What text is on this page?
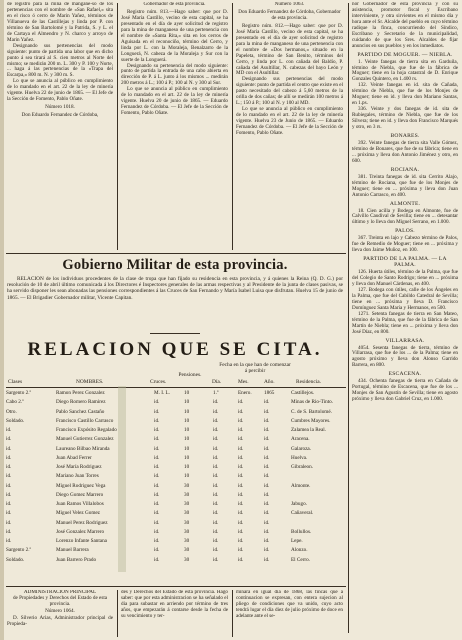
de registro para la mina de mangane-so de los pertenencias con el nombre de «San Rafael,» sita en el risco ó cerro de Marin Yañez, términos de Villanueva de las Castillejas y linda por P. con término de San Bartolomé y la Patrida, S. y L. el de Cartaya el Almendro y N. charco y arroyo de Marin Yañez.

Designando sus pertenencias del modo siguiente: punto de partida una labor que en dicho punto á sea tirará al S. cien metros al Norte del mismo; se medirán 200 m. L. 300 y P. 100 y Norte, ... haga á las pertenencias de la «Trapa del Escarpa,» 800 m. N. y 300 m. S.

Lo que se anuncia al público en cumplimiento de lo mandado en el art. 22 de la ley de minería vigente. Huelva 22 de junio de 1865. — El Jefe de la Sección de Fomento, Pablo Oñate.

Número 1018.
Don Eduardo Fernandez de Córdoba,
Gobernador de esta provincia.

Registro núm. 813.—Hago saber: que por D. José María Castillo, vecino de esta capital, se ha presentado en el día de ayer solicitud de registro para la mina de manganeso de una pertenencia con el nombre de «Santa Rita,» sita en los cerros de Aguisada en el reconociño, término del Cerro, y linda por L. con la Moraleja, Benalzarro de la Longuerá, N. cabeza de la Moraleja y Sur con la suerte de la Longuerá.

Designando su pertenencia del modo siguiente: punto de partida la entrada de una cabo abierta en dirección de P. á L. junto á los mismos ... medirán 200 metros á L.; 100 á P.; 100 al N. y 300 al Sur.

Lo que se anuncia al público en cumplimiento de lo mandado en el art. 22 de la ley de minería vigente. Huelva 20 de junio de 1865. — Eduardo Fernandez de Córdoba. — El Jefe de la Sección de Fomento, Pablo Oñate.

Número 1063.
Don Eduardo Fernandez de Córdoba, Gobernador de esta provincia.

Registro núm. 812.—Hago saber: que por D. José María Castillo, vecino de esta capital, se ha presentado en el día de ayer solicitud de registro para la mina de manganeso de una pertenencia con el nombre de «Dos hermanos,» situado en la Papeleta, término de San Benito, términos del Cerro, y linda por L. con cañada del Baldío, P. cañada del Asultillar, N. cabezas del bayo León y MD con el Asultillar.

Designando sus pertenencias del modo siguiente: punto de partida el centro que existe en el pasto necesitado del cabezo á 5,60 metros de la orilla de dos cañas; de allí se medirán 100 metros á L.; 150 á P.; 100 al N. y 100 al MD.

Lo que se anuncia al público en cumplimiento de lo mandado en el art. 22 de la ley de minería vigente. Huelva 23 de Junio de 1865. — Eduardo Fernandez de Córdoba. — El Jefe de la Sección de Fomento, Pablo Oñate.

ñor Gobernador de esta provincia y con su asistencia, promotor fiscal y Escribano interviniente, y otra sirvientes en el mismo día y hora ante el Sr. Alcalde del pueblo en cuyo término radique la finca, concurriendo del Síndico, Escribano y Secretario de la municipalidad, cuidando de que los Sres. Alcaldes de fijar anuncios en sus pueblos y en los inmediatos.

PARTIDO DE MOGUER. — NIEBLA.

1. Veinte fanegas de tierra sita en Garduila, término de Niebla, que fue de la fábrica de Moguer; tiene en la hoja catastral de D. Enrique Gonzales Quintero, en 1.400 rs.

132. Veinte fanegas en id. sita de Cañada, término de Niebla, que fue de los Monjes de Moguer; tiene en id. y lleva don Mariano Santas, en 1.ps.

336. Veinte y dos fanegas de id. sita de Rubiegales, término de Niebla, que fue de los Sílvera; tiene en id. y lleva don Francisco Marqués y otro, en 3 rs.

BONARES.

392. Veinte fanegas de tierra sita Valle Gómez, término de Bonares, que fue de su fábrica; tiene en ... próxima y lleva don Antonio Jiménez y otro, en 600.

ROCIANA.

381. Treinta fanegas de id. sita Cerrito Alajo, término de Rociana, que fue de los Monjes de Moguer; tiene en ... próxima y lleva don Juan Antonio Carrasco, en 400.

ALMONTE.

18. Cien acilla y Bodega en Almonte, fue de Calvillo Caudival de Sevilla; tiene en ... detesantar último y lo lleva don Miguel Serrano, en 1.000.

PALOS.

367. Treinta en lajo y Cabezo término de Palos, fue de Remedio de Moguer; tiene en ... próxima y lleva don Jaime Muñoz, en 100.

PARTIDO DE LA PALMA. — LA PALMA.

126. Huerta útiles, término de la Palma, que fue del Colegio de Santo Rodrigo; tiene en ... próxima y lleva don Manuel Cárdenas, en 400.

127. Bodega con útiles, calle de los Ángeles en la Palma, que fue del Cabildo Catedral de Sevilla; tiene en ... próxima y lleva D. Francisco Domínguez Santa María y Hermanos, en 500.

1271. Setenta fanegas de tierra en San Mateo, término de la Palma, que fue de la fábrica de San Martín de Niebla; tiene en ... próxima y lleva don José Díaz, en 800.

VILLARRASA.

4054. Sesenta fanegas de tierra, término de Villarrasa, que fue de los ... de la Palma; tiene en agosto próximo y lleva don Alonso Garrido Barrera, en 800.

ESCACENA.

434. Ochenta fanegas de tierra en Cañada de Portugal, término de Escacena, que fue de los ... Monjes de San Agustín de Sevilla; tiene en agosto próximo y lleva don Gabriel Cruz, en 1.000.

Gobierno Militar de esta provincia.

RELACION de los individuos procedentes de la clase de tropa que han fijado su residencia en esta provincia, y á quienes la Reina (Q. D. G.) por resolución de 10 de abril último comunicada á los Directores é Inspectores generales de las armas respectivas y al Presidente de la junta de clases pasivas, se ha servido disponer les sean abonadas las pensiones correspondientes á las Cruces de San Fernando y María Isabel Luisa que disfrutan. Huelva 15 de junio de 1865. — El Brigadier Gobernador militar, Vicente Capitan.

RELACION QUE SE CITA.
Fecha en la que han de comenzar á percibir
Clases	NOMBRES.	Cruces.
Pensiones.
Día.	Mes.	Año.	Residencia.
Sargento 2.º	Ramon Perez Gonzalez	M. I. L.	10	1.º	Enero. 1865	Castillejos.
Cabo 2.º	Diego Romero Ramirez	id.	10	id.	id.	id.	Minas de Rio-Tinto.
Otro.	Pablo Sanchez Castaño	id.	10	id.	id.	id.	C. de S. Bartolomé.
Soldado.	Francisco Castillo Carrasco	id.	10	id.	id.	id.	Cumbres Mayores.
id.	Francisco Expósito Regalado	id.	10	id.	id.	id.	Zalamea la Real.
id.	Manuel Gutierrez Gonzalez	id.	10	id.	id.	id.	Aracena.
id.	Laureano Bilbao Miranda	id.	10	id.	id.	id.	Galaroza.
id.	Juan Abad Ferrer	id.	10	id.	id.	id.	Huelva.
id.	José María Rodriguez	id.	10	id.	id.	id.	Gibraleon.
id.	Mariano Juan Torres	id.	10	id.	id.	id.
id.	Miguel Rodriguez Vega	id.	30	id.	id.	id.	Almonte.
id.	Diego Gomez Marrero	id.	30	id.	id.	id.
id.	Juan Ramos Villalobos	id.	30	id.	id.	id.	Jabugo.
id.	Miguel Velez Gomez	id.	30	id.	id.	id.	Cañaveral.
id.	Manuel Perez Rodriguez	id.	30	id.	id.	id.
id.	José Gonzalez Marrero	id.	30	id.	id.	id.	Bollullos.
id.	Lorenzo Infante Santana	id.	30	id.	id.	id.	Lepe.
Sargento 2.º	Manuel Barrera	id.	30	id.	id.	id.	Alonzo.
Soldado.	Juan Barrero Prado	id.	30	id.	id.	id.	El Cerro.
ADMINISTRACION PRINCIPAL
de Propiedades y Derechos del Estado de esta provincia.
Número 1064.

D. Silverio Arias, Administrador principal de Propieda-

des y Derechos del Estado de esta provincia. Hago saber: que por esta administracion se ha señalado el dia para subastar en arriendo por término de tres años, que empezarán á contarse desde la fecha de su vencimiento y ter-

minará en igual día de 1868, las fincas que á continuacion se expresan, con entera sujecion al pliego de condiciones que va unido, cuyo acto tendrá lugar el día diez de julio próximo de doce en adelante ante el se-
